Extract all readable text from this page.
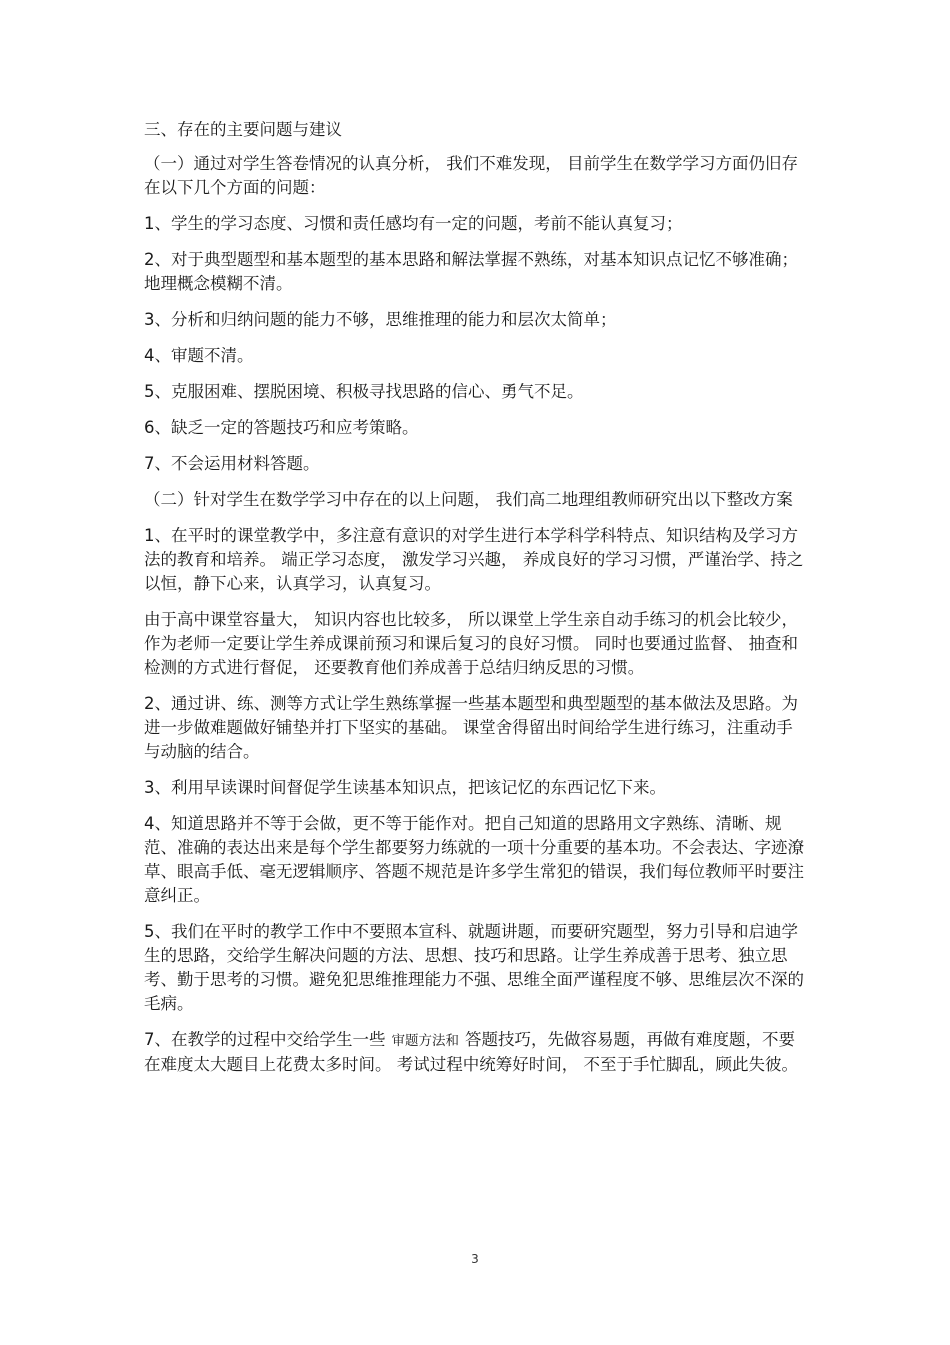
三、存在的主要问题与建议

（一）通过对学生答卷情况的认真分析， 我们不难发现， 目前学生在数学学习方面仍旧存在以下几个方面的问题：

1、学生的学习态度、习惯和责任感均有一定的问题，考前不能认真复习；

2、对于典型题型和基本题型的基本思路和解法掌握不熟练，对基本知识点记忆不够准确；地理概念模糊不清。

3、分析和归纳问题的能力不够，思维推理的能力和层次太简单；

4、审题不清。

5、克服困难、摆脱困境、积极寻找思路的信心、勇气不足。

6、缺乏一定的答题技巧和应考策略。

7、不会运用材料答题。

（二）针对学生在数学学习中存在的以上问题， 我们高二地理组教师研究出以下整改方案

1、在平时的课堂教学中，多注意有意识的对学生进行本学科学科特点、知识结构及学习方法的教育和培养。 端正学习态度， 激发学习兴趣， 养成良好的学习习惯，严谨治学、持之以恒，静下心来，认真学习，认真复习。

由于高中课堂容量大， 知识内容也比较多， 所以课堂上学生亲自动手练习的机会比较少，作为老师一定要让学生养成课前预习和课后复习的良好习惯。 同时也要通过监督、 抽查和检测的方式进行督促， 还要教育他们养成善于总结归纳反思的习惯。

2、通过讲、练、测等方式让学生熟练掌握一些基本题型和典型题型的基本做法及思路。为进一步做难题做好铺垫并打下坚实的基础。 课堂舍得留出时间给学生进行练习，注重动手与动脑的结合。

3、利用早读课时间督促学生读基本知识点，把该记忆的东西记忆下来。

4、知道思路并不等于会做，更不等于能作对。把自己知道的思路用文字熟练、清晰、规范、准确的表达出来是每个学生都要努力练就的一项十分重要的基本功。不会表达、字迹潦草、眼高手低、毫无逻辑顺序、答题不规范是许多学生常犯的错误，我们每位教师平时要注意纠正。

5、我们在平时的教学工作中不要照本宣科、就题讲题，而要研究题型，努力引导和启迪学生的思路，交给学生解决问题的方法、思想、技巧和思路。让学生养成善于思考、独立思考、勤于思考的习惯。避免犯思维推理能力不强、思维全面严谨程度不够、思维层次不深的毛病。

7、在教学的过程中交给学生一些 审题方法和 答题技巧，先做容易题，再做有难度题，不要在难度太大题目上花费太多时间。 考试过程中统筹好时间， 不至于手忙脚乱，顾此失彼。

3
